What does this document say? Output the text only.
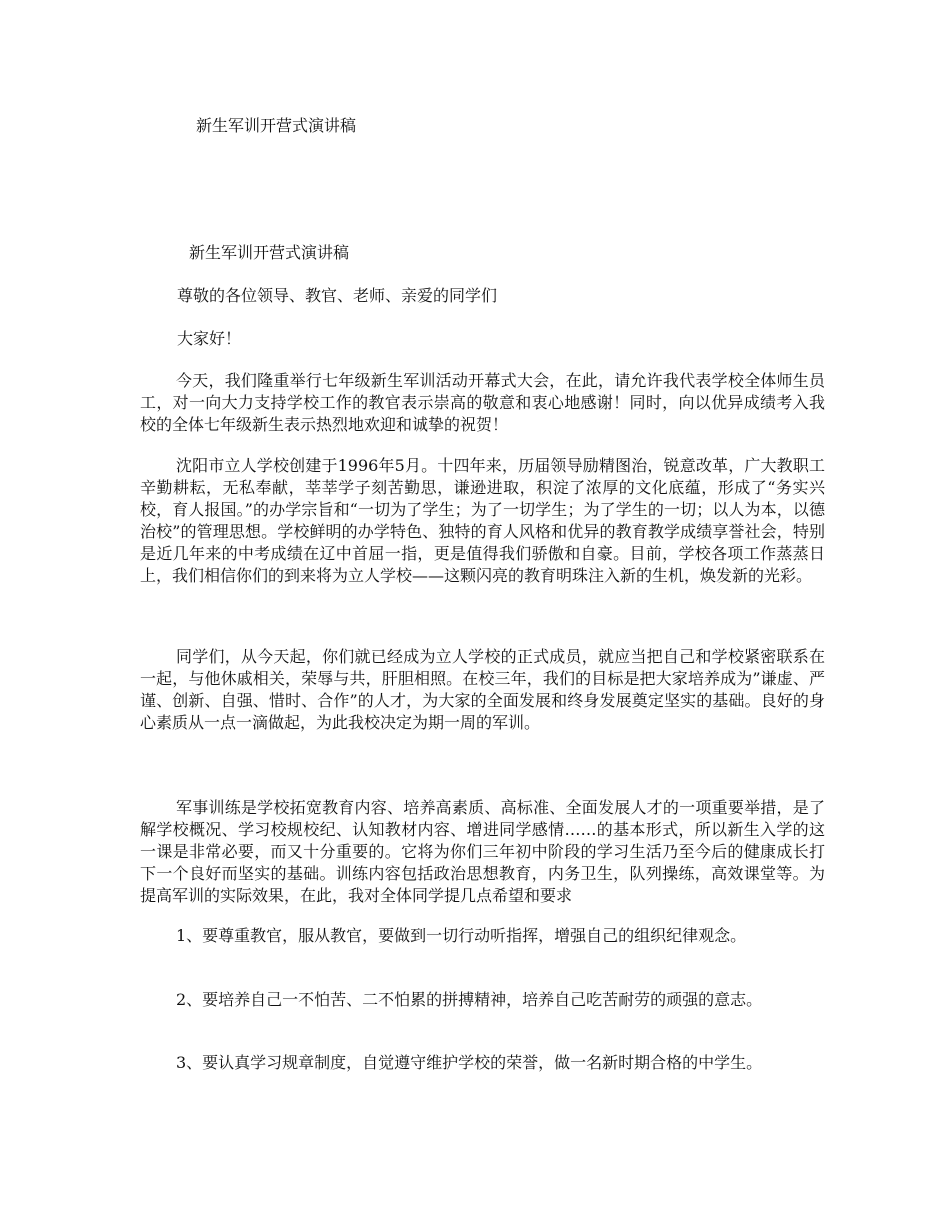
新生军训开营式演讲稿
新生军训开营式演讲稿
尊敬的各位领导、教官、老师、亲爱的同学们
大家好！

今天，我们隆重举行七年级新生军训活动开幕式大会，在此，请允许我代表学校全体师生员工，对一向大力支持学校工作的教官表示崇高的敬意和衷心地感谢！同时，向以优异成绩考入我校的全体七年级新生表示热烈地欢迎和诚挚的祝贺！

沈阳市立人学校创建于1996年5月。十四年来，历届领导励精图治，锐意改革，广大教职工辛勤耕耘，无私奉献，莘莘学子刻苦勤思，谦逊进取，积淀了浓厚的文化底蕴，形成了“务实兴校，育人报国。”的办学宗旨和“一切为了学生；为了一切学生；为了学生的一切；以人为本，以德治校”的管理思想。学校鲜明的办学特色、独特的育人风格和优异的教育教学成绩享誉社会，特别是近几年来的中考成绩在辽中首屈一指，更是值得我们骄傲和自豪。目前，学校各项工作蒸蒸日上，我们相信你们的到来将为立人学校——这颗闪亮的教育明珠注入新的生机，焕发新的光彩。

同学们，从今天起，你们就已经成为立人学校的正式成员，就应当把自己和学校紧密联系在一起，与他休戚相关，荣辱与共，肝胆相照。在校三年，我们的目标是把大家培养成为”谦虚、严谨、创新、自强、惜时、合作”的人才，为大家的全面发展和终身发展奠定坚实的基础。良好的身心素质从一点一滴做起，为此我校决定为期一周的军训。

军事训练是学校拓宽教育内容、培养高素质、高标准、全面发展人才的一项重要举措，是了解学校概况、学习校规校纪、认知教材内容、增进同学感情……的基本形式，所以新生入学的这一课是非常必要，而又十分重要的。它将为你们三年初中阶段的学习生活乃至今后的健康成长打下一个良好而坚实的基础。训练内容包括政治思想教育，内务卫生，队列操练，高效课堂等。为提高军训的实际效果，在此，我对全体同学提几点希望和要求

1、要尊重教官，服从教官，要做到一切行动听指挥，增强自己的组织纪律观念。

2、要培养自己一不怕苦、二不怕累的拼搏精神，培养自己吃苦耐劳的顽强的意志。

3、要认真学习规章制度，自觉遵守维护学校的荣誉，做一名新时期合格的中学生。
